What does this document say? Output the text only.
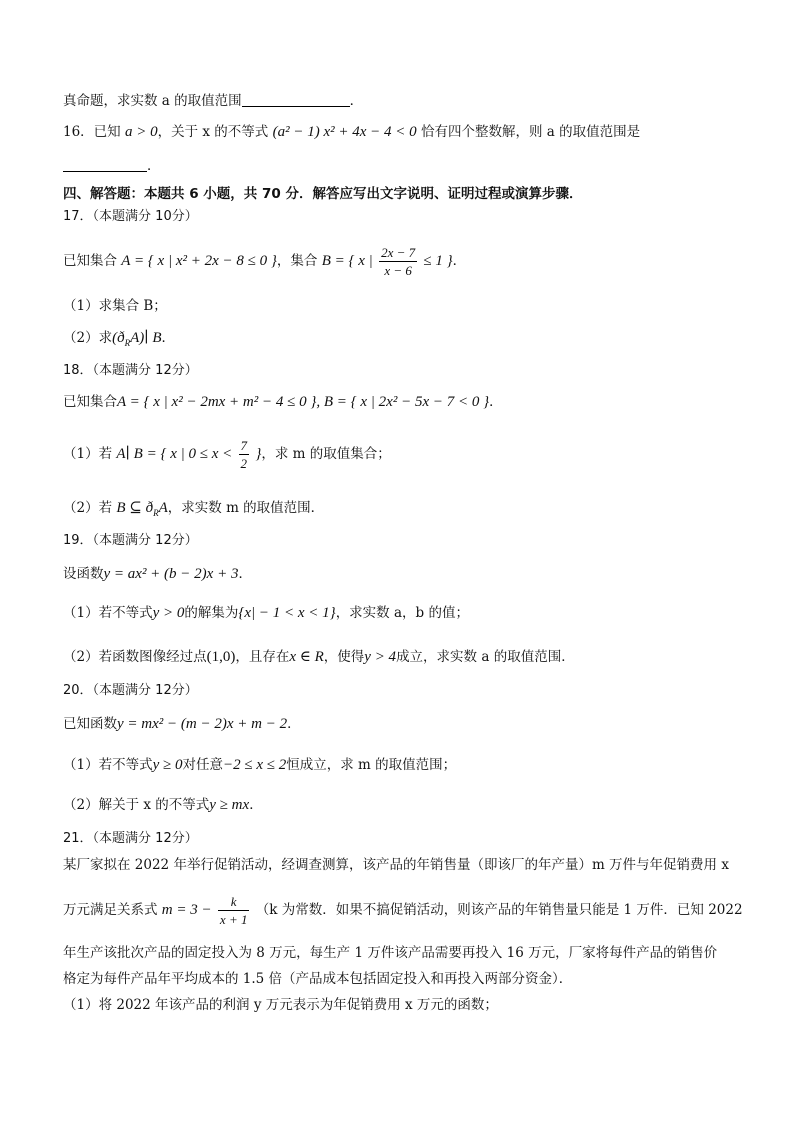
真命题，求实数 a 的取值范围	．
16．已知 a > 0，关于 x 的不等式 (a² − 1) x² + 4x − 4 < 0 恰有四个整数解，则 a 的取值范围是
．
四、解答题：本题共 6 小题，共 70 分．解答应写出文字说明、证明过程或演算步骤．
17．（本题满分 10分）
已知集合 A = { x | x² + 2x − 8 ≤ 0 }，集合 B = { x | $\frac{2x - 7}{x - 6} \le 1$ }．
（1）求集合 B；
（2）求$(ð_RA)∣$ B．
18．（本题满分 12分）
已知集合A = { x | x² − 2mx + m² − 4 ≤ 0 }, B = { x | 2x² − 5x − 7 < 0 }．
（1）若 A∣ B = { x | $0 \le x < \frac{7}{2}$ }，求 m 的取值集合；
（2）若 B ⊆ $ð_RA$，求实数 m 的取值范围．
19．（本题满分 12分）
设函数y = ax² + (b − 2)x + 3．
（1）若不等式y > 0的解集为{x| − 1 < x < 1}，求实数 a，b 的值；
（2）若函数图像经过点(1,0)，且存在x ∈ R，使得y > 4成立，求实数 a 的取值范围．
20．（本题满分 12分）
已知函数y = mx² − (m − 2)x + m − 2．
（1）若不等式y ≥ 0对任意−2 ≤ x ≤ 2恒成立，求 m 的取值范围；
（2）解关于 x 的不等式y ≥ mx．
21．（本题满分 12分）
某厂家拟在 2022 年举行促销活动，经调查测算，该产品的年销售量（即该厂的年产量）m 万件与年促销费用 x
万元满足关系式 $m = 3 - \frac{k}{x + 1} (k$ 为常数．如果不搞促销活动，则该产品的年销售量只能是 1 万件．已知 2022
年生产该批次产品的固定投入为 8 万元，每生产 1 万件该产品需要再投入 16 万元，厂家将每件产品的销售价
格定为每件产品年平均成本的 1.5 倍（产品成本包括固定投入和再投入两部分资金）．
（1）将 2022 年该产品的利润 y 万元表示为年促销费用 x 万元的函数；
